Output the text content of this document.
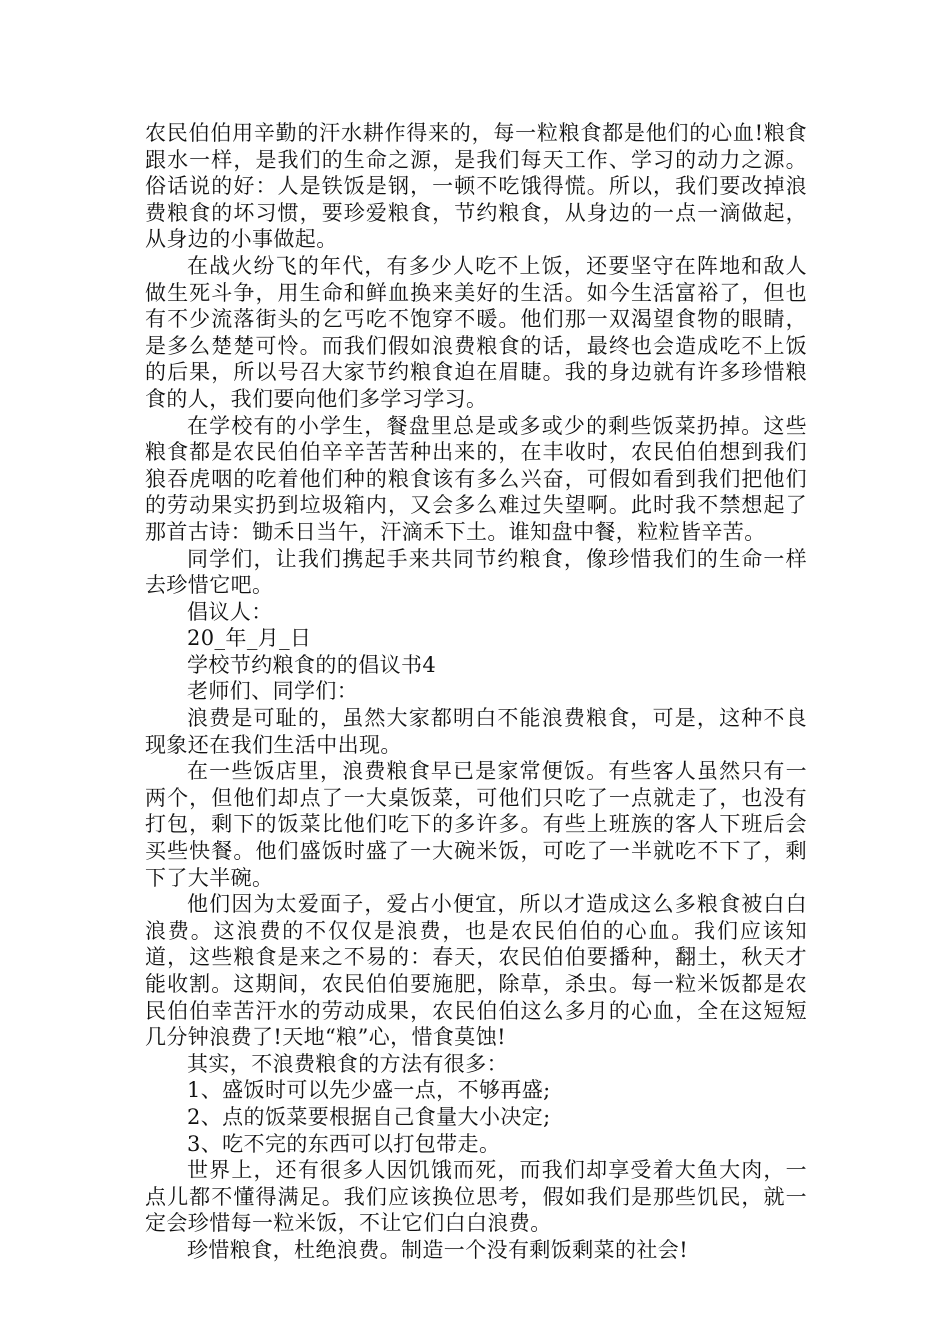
农民伯伯用辛勤的汗水耕作得来的，每一粒粮食都是他们的心血!粮食跟水一样，是我们的生命之源，是我们每天工作、学习的动力之源。俗话说的好：人是铁饭是钢，一顿不吃饿得慌。所以，我们要改掉浪费粮食的坏习惯，要珍爱粮食，节约粮食，从身边的一点一滴做起，从身边的小事做起。

在战火纷飞的年代，有多少人吃不上饭，还要坚守在阵地和敌人做生死斗争，用生命和鲜血换来美好的生活。如今生活富裕了，但也有不少流落街头的乞丐吃不饱穿不暖。他们那一双渴望食物的眼睛，是多么楚楚可怜。而我们假如浪费粮食的话，最终也会造成吃不上饭的后果，所以号召大家节约粮食迫在眉睫。我的身边就有许多珍惜粮食的人，我们要向他们多学习学习。

在学校有的小学生，餐盘里总是或多或少的剩些饭菜扔掉。这些粮食都是农民伯伯辛辛苦苦种出来的，在丰收时，农民伯伯想到我们狼吞虎咽的吃着他们种的粮食该有多么兴奋，可假如看到我们把他们的劳动果实扔到垃圾箱内，又会多么难过失望啊。此时我不禁想起了那首古诗：锄禾日当午，汗滴禾下土。谁知盘中餐，粒粒皆辛苦。

同学们，让我们携起手来共同节约粮食，像珍惜我们的生命一样去珍惜它吧。

倡议人：

20_年_月_日

学校节约粮食的的倡议书4

老师们、同学们：

浪费是可耻的，虽然大家都明白不能浪费粮食，可是，这种不良现象还在我们生活中出现。

在一些饭店里，浪费粮食早已是家常便饭。有些客人虽然只有一两个，但他们却点了一大桌饭菜，可他们只吃了一点就走了，也没有打包，剩下的饭菜比他们吃下的多许多。有些上班族的客人下班后会买些快餐。他们盛饭时盛了一大碗米饭，可吃了一半就吃不下了，剩下了大半碗。

他们因为太爱面子，爱占小便宜，所以才造成这么多粮食被白白浪费。这浪费的不仅仅是浪费，也是农民伯伯的心血。我们应该知道，这些粮食是来之不易的：春天，农民伯伯要播种，翻土，秋天才能收割。这期间，农民伯伯要施肥，除草，杀虫。每一粒米饭都是农民伯伯幸苦汗水的劳动成果，农民伯伯这么多月的心血，全在这短短几分钟浪费了!天地“粮”心，惜食莫蚀!

其实，不浪费粮食的方法有很多：

1、盛饭时可以先少盛一点，不够再盛;

2、点的饭菜要根据自己食量大小决定;

3、吃不完的东西可以打包带走。

世界上，还有很多人因饥饿而死，而我们却享受着大鱼大肉，一点儿都不懂得满足。我们应该换位思考，假如我们是那些饥民，就一定会珍惜每一粒米饭，不让它们白白浪费。

珍惜粮食，杜绝浪费。制造一个没有剩饭剩菜的社会!
